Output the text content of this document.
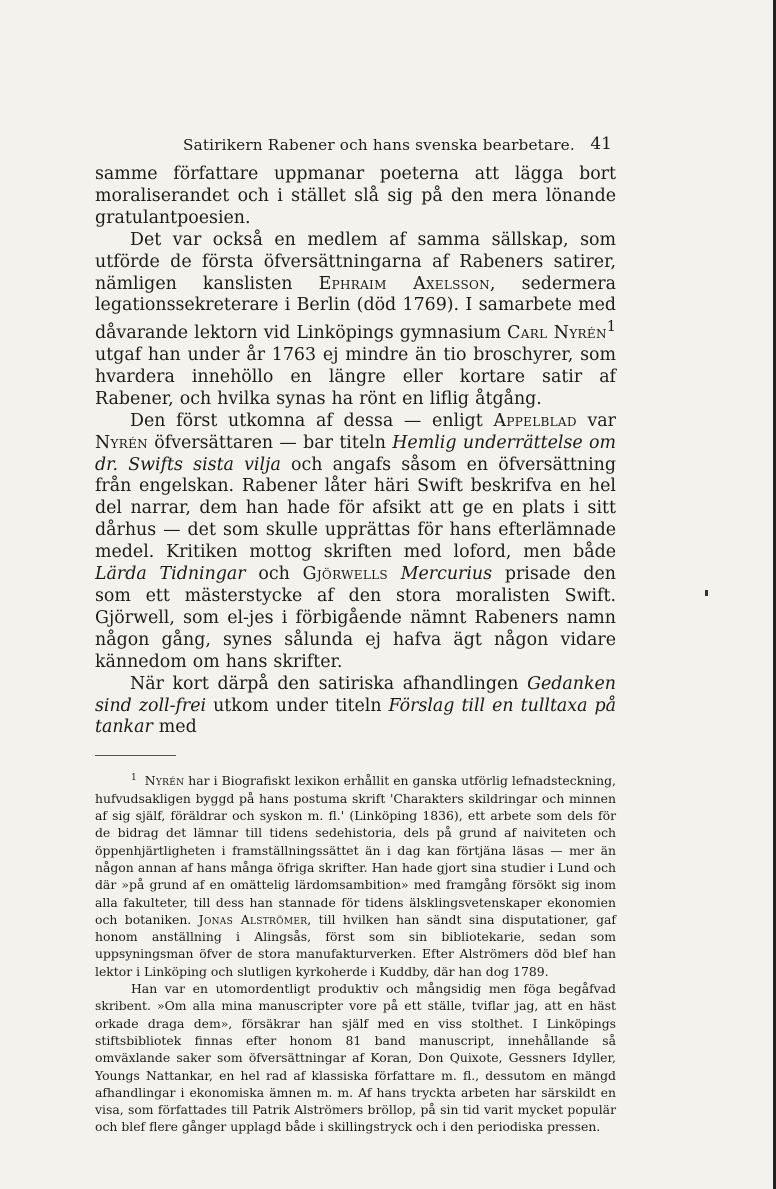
Satirikern Rabener och hans svenska bearbetare. 41

samme författare uppmanar poeterna att lägga bort moraliserandet och i stället slå sig på den mera lönande gratulantpoesien.

Det var också en medlem af samma sällskap, som utförde de första öfversättningarna af Rabeners satirer, nämligen kanslisten Ephraim Axelsson, sedermera legationssekreterare i Berlin (död 1769). I samarbete med dåvarande lektorn vid Linköpings gymnasium Carl Nyrén$^1$ utgaf han under år 1763 ej mindre än tio broschyrer, som hvardera innehöllo en längre eller kortare satir af Rabener, och hvilka synas ha rönt en liflig åtgång.

Den först utkomna af dessa — enligt Appelblad var Nyrén öfversättaren — bar titeln Hemlig underrättelse om dr. Swifts sista vilja och angafs såsom en öfversättning från engelskan. Rabener låter häri Swift beskrifva en hel del narrar, dem han hade för afsikt att ge en plats i sitt dårhus — det som skulle upprättas för hans efterlämnade medel. Kritiken mottog skriften med loford, men både Lärda Tidningar och Gjörwells Mercurius prisade den som ett mästerstycke af den stora moralisten Swift. Gjörwell, som el-jes i förbigående nämnt Rabeners namn någon gång, synes sålunda ej hafva ägt någon vidare kännedom om hans skrifter.

När kort därpå den satiriska afhandlingen Gedanken sind zoll-frei utkom under titeln Förslag till en tulltaxa på tankar med

$^1$ Nyrén har i Biografiskt lexikon erhållit en ganska utförlig lefnadsteckning, hufvudsakligen byggd på hans postuma skrift 'Charakters skildringar och minnen af sig själf, föräldrar och syskon m. fl.' (Linköping 1836), ett arbete som dels för de bidrag det lämnar till tidens sedehistoria, dels på grund af naiviteten och öppenhjärtligheten i framställningssättet än i dag kan förtjäna läsas — mer än någon annan af hans många öfriga skrifter. Han hade gjort sina studier i Lund och där »på grund af en omättelig lärdomsambition» med framgång försökt sig inom alla fakulteter, till dess han stannade för tidens älsklingsvetenskaper ekonomien och botaniken. Jonas Alströmer, till hvilken han sändt sina disputationer, gaf honom anställning i Alingsås, först som sin bibliotekarie, sedan som uppsyningsman öfver de stora manufakturverken. Efter Alströmers död blef han lektor i Linköping och slutligen kyrkoherde i Kuddby, där han dog 1789.

Han var en utomordentligt produktiv och mångsidig men föga begåfvad skribent. »Om alla mina manuscripter vore på ett ställe, tviflar jag, att en häst orkade draga dem», försäkrar han själf med en viss stolthet. I Linköpings stiftsbibliotek finnas efter honom 81 band manuscript, innehållande så omväxlande saker som öfversättningar af Koran, Don Quixote, Gessners Idyller, Youngs Nattankar, en hel rad af klassiska författare m. fl., dessutom en mängd afhandlingar i ekonomiska ämnen m. m. Af hans tryckta arbeten har särskildt en visa, som författades till Patrik Alströmers bröllop, på sin tid varit mycket populär och blef flere gånger upplagd både i skillingstryck och i den periodiska pressen.
